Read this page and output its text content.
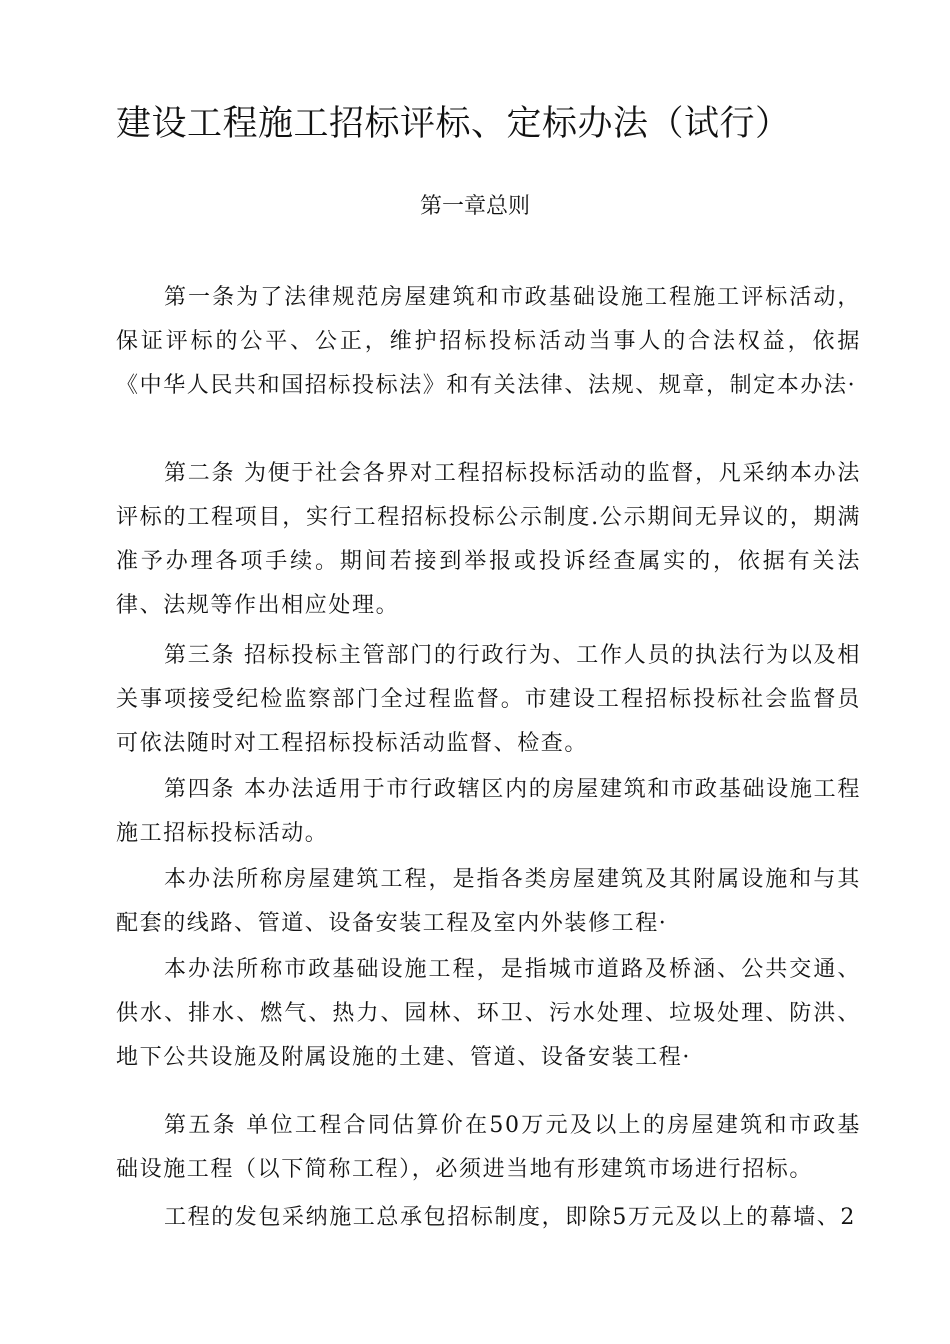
建设工程施工招标评标、定标办法（试行）
第一章总则

第一条为了法律规范房屋建筑和市政基础设施工程施工评标活动，保证评标的公平、公正，维护招标投标活动当事人的合法权益，依据《中华人民共和国招标投标法》和有关法律、法规、规章，制定本办法·

第二条 为便于社会各界对工程招标投标活动的监督，凡采纳本办法评标的工程项目，实行工程招标投标公示制度.公示期间无异议的，期满准予办理各项手续。期间若接到举报或投诉经查属实的，依据有关法律、法规等作出相应处理。

第三条 招标投标主管部门的行政行为、工作人员的执法行为以及相关事项接受纪检监察部门全过程监督。市建设工程招标投标社会监督员可依法随时对工程招标投标活动监督、检查。

第四条 本办法适用于市行政辖区内的房屋建筑和市政基础设施工程施工招标投标活动。

本办法所称房屋建筑工程，是指各类房屋建筑及其附属设施和与其配套的线路、管道、设备安装工程及室内外装修工程·

本办法所称市政基础设施工程，是指城市道路及桥涵、公共交通、供水、排水、燃气、热力、园林、环卫、污水处理、垃圾处理、防洪、地下公共设施及附属设施的土建、管道、设备安装工程·

第五条 单位工程合同估算价在50万元及以上的房屋建筑和市政基础设施工程（以下简称工程），必须进当地有形建筑市场进行招标。

工程的发包采纳施工总承包招标制度，即除5万元及以上的幕墙、2
